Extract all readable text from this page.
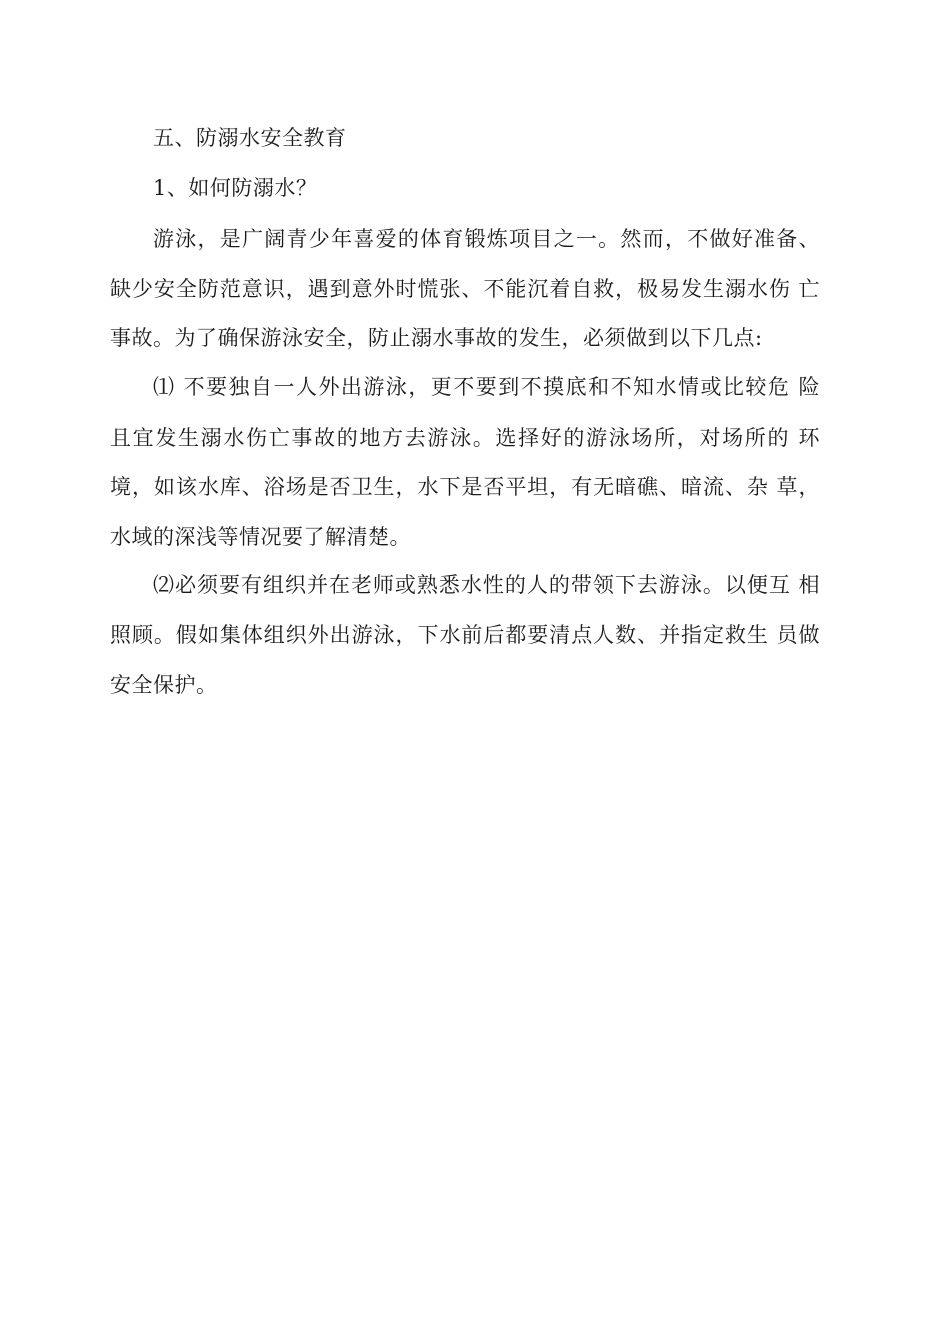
五、防溺水安全教育

1、如何防溺水？

游泳，是广阔青少年喜爱的体育锻炼项目之一。然而，不做好准备、

缺少安全防范意识，遇到意外时慌张、不能沉着自救，极易发生溺水伤 亡

事故。为了确保游泳安全，防止溺水事故的发生，必须做到以下几点:

⑴ 不要独自一人外出游泳，更不要到不摸底和不知水情或比较危 险

且宜发生溺水伤亡事故的地方去游泳。选择好的游泳场所，对场所的 环

境，如该水库、浴场是否卫生，水下是否平坦，有无暗礁、暗流、杂 草，

水域的深浅等情况要了解清楚。

⑵必须要有组织并在老师或熟悉水性的人的带领下去游泳。以便互 相

照顾。假如集体组织外出游泳，下水前后都要清点人数、并指定救生 员做

安全保护。
